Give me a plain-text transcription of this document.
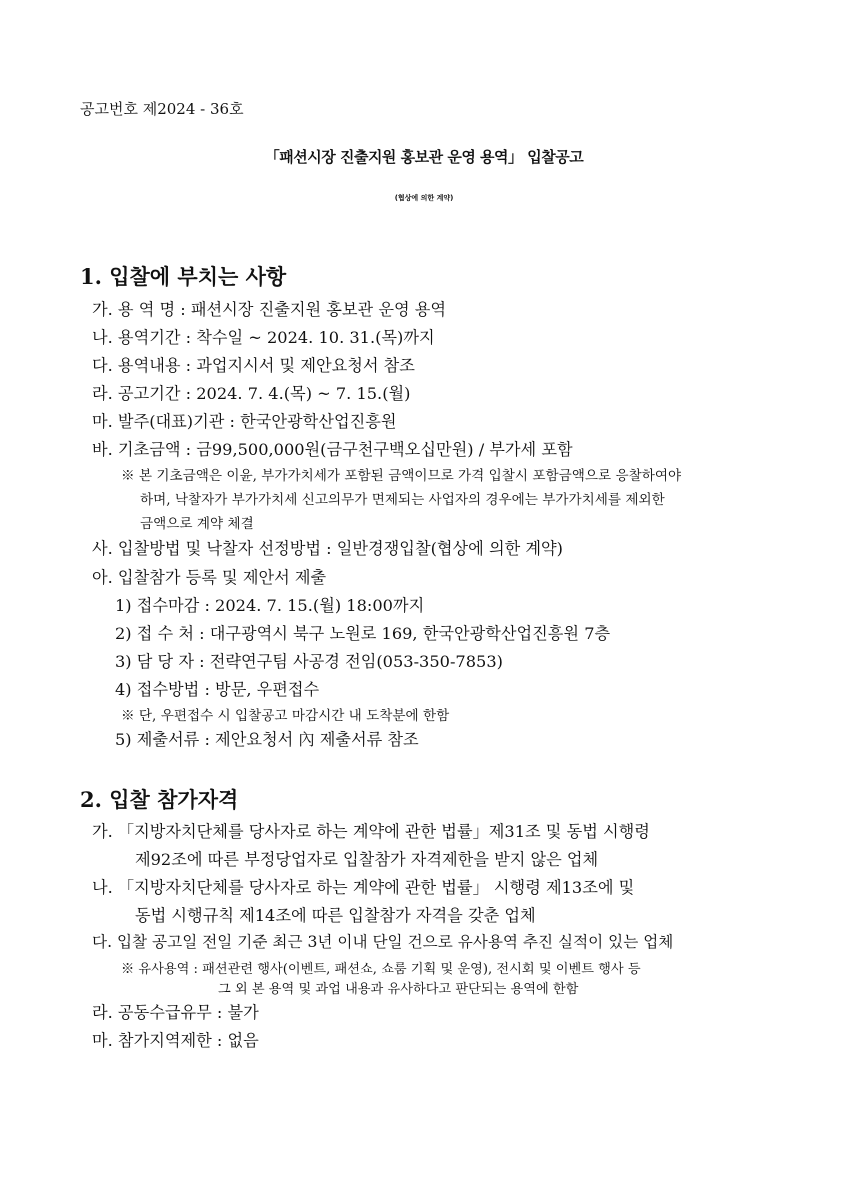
공고번호 제2024 - 36호
「패션시장 진출지원 홍보관 운영 용역」 입찰공고
(협상에 의한 계약)
1. 입찰에 부치는 사항
가. 용 역 명 : 패션시장 진출지원 홍보관 운영 용역
나. 용역기간 : 착수일 ~ 2024. 10. 31.(목)까지
다. 용역내용 : 과업지시서 및 제안요청서 참조
라. 공고기간 : 2024. 7. 4.(목) ~ 7. 15.(월)
마. 발주(대표)기관 : 한국안광학산업진흥원
바. 기초금액 : 금99,500,000원(금구천구백오십만원) / 부가세 포함
※ 본 기초금액은 이윤, 부가가치세가 포함된 금액이므로 가격 입찰시 포함금액으로 응찰하여야
하며, 낙찰자가 부가가치세 신고의무가 면제되는 사업자의 경우에는 부가가치세를 제외한
금액으로 계약 체결
사. 입찰방법 및 낙찰자 선정방법 : 일반경쟁입찰(협상에 의한 계약)
아. 입찰참가 등록 및 제안서 제출
1) 접수마감 : 2024. 7. 15.(월) 18:00까지
2) 접 수 처 : 대구광역시 북구 노원로 169, 한국안광학산업진흥원 7층
3) 담 당 자 : 전략연구팀 사공경 전임(053-350-7853)
4) 접수방법 : 방문, 우편접수
※ 단, 우편접수 시 입찰공고 마감시간 내 도착분에 한함
5) 제출서류 : 제안요청서 內 제출서류 참조
2. 입찰 참가자격
가. 「지방자치단체를 당사자로 하는 계약에 관한 법률」제31조 및 동법 시행령
제92조에 따른 부정당업자로 입찰참가 자격제한을 받지 않은 업체
나. 「지방자치단체를 당사자로 하는 계약에 관한 법률」 시행령 제13조에 및
동법 시행규칙 제14조에 따른 입찰참가 자격을 갖춘 업체
다. 입찰 공고일 전일 기준 최근 3년 이내 단일 건으로 유사용역 추진 실적이 있는 업체
※ 유사용역 : 패션관련 행사(이벤트, 패션쇼, 쇼룸 기획 및 운영), 전시회 및 이벤트 행사 등
그 외 본 용역 및 과업 내용과 유사하다고 판단되는 용역에 한함
라. 공동수급유무 : 불가
마. 참가지역제한 : 없음
